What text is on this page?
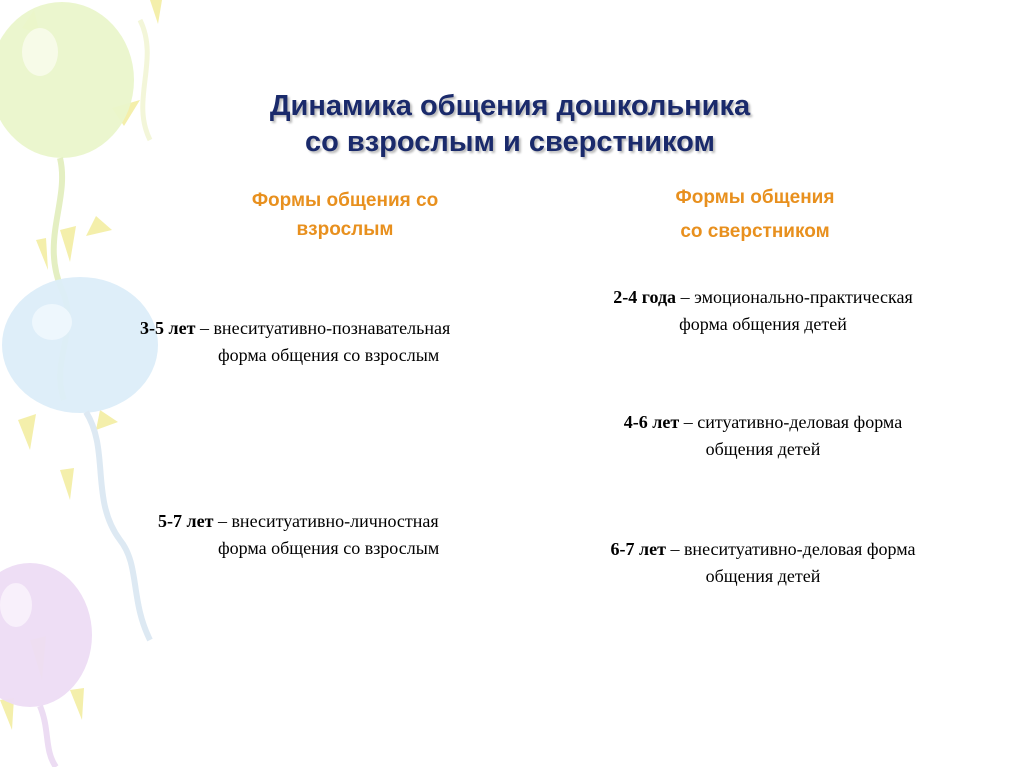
Динамика общения дошкольника
со взрослым и сверстником
Формы общения со
взрослым
Формы общения
со сверстником
3-5 лет – внеситуативно-познавательная
форма общения со взрослым
5-7 лет – внеситуативно-личностная
форма общения со взрослым
2-4 года – эмоционально-практическая
форма общения детей
4-6 лет – ситуативно-деловая форма
общения детей
6-7 лет – внеситуативно-деловая форма
общения детей
